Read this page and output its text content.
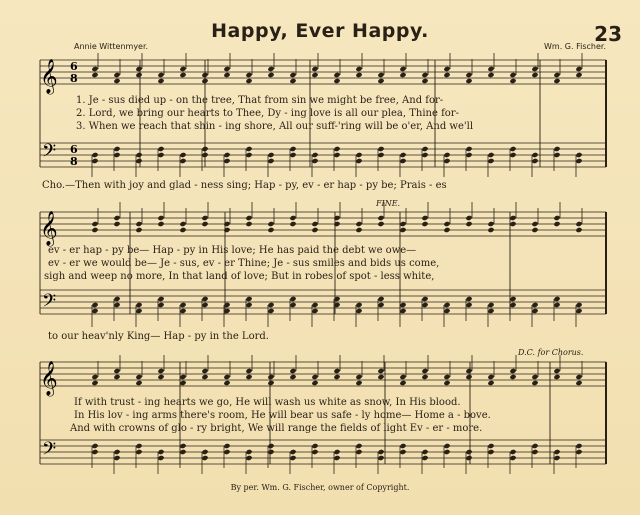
Happy, Ever Happy.	23
Annie Wittenmyer.	Wm. G. Fischer.
𝄞
𝄢
𝄞
𝄢
𝄞
𝄢
6
8
6
8
1. Je - sus died up - on the tree, That from sin we might be free, And for-
2. Lord, we bring our hearts to Thee, Dy - ing love is all our plea, Thine for-
3. When we reach that shin - ing shore, All our suff-'ring will be o'er, And we'll
Cho.—Then with joy and glad - ness sing; Hap - py, ev - er hap - py be; Prais - es
FINE.
ev - er hap - py be— Hap - py in His love; He has paid the debt we owe—
ev - er we would be— Je - sus, ev - er Thine; Je - sus smiles and bids us come,
sigh and weep no more, In that land of love; But in robes of spot - less white,
to our heav'nly King— Hap - py in the Lord.
D.C. for Chorus.
If with trust - ing hearts we go, He will wash us white as snow, In His blood.
In His lov - ing arms there's room, He will bear us safe - ly home— Home a - bove.
And with crowns of glo - ry bright, We will range the fields of light Ev - er - more.
By per. Wm. G. Fischer, owner of Copyright.
